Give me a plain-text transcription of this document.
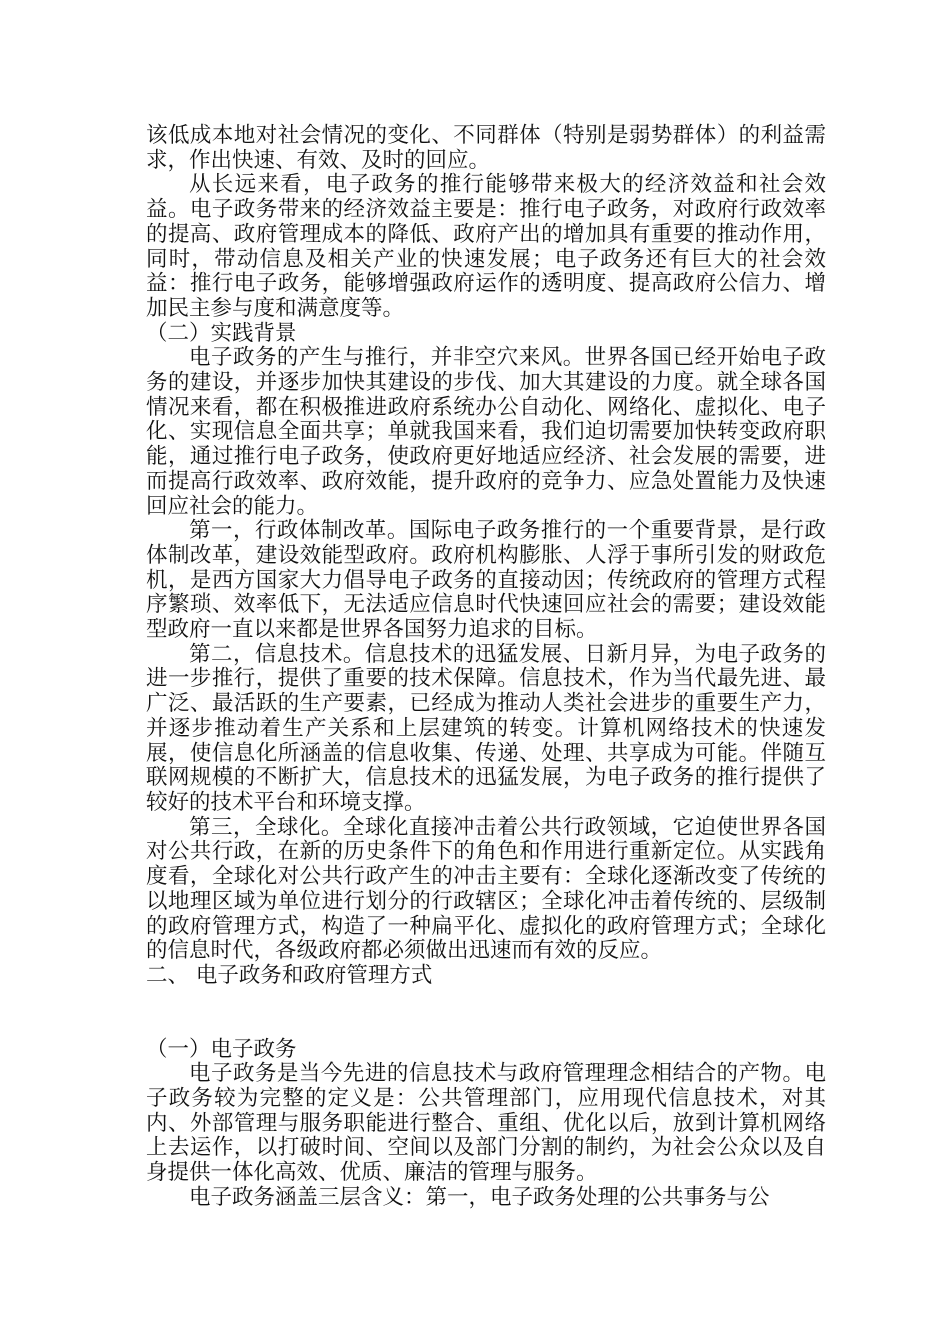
该低成本地对社会情况的变化、不同群体（特别是弱势群体）的利益需求，作出快速、有效、及时的回应。

从长远来看，电子政务的推行能够带来极大的经济效益和社会效益。电子政务带来的经济效益主要是：推行电子政务，对政府行政效率的提高、政府管理成本的降低、政府产出的增加具有重要的推动作用，同时，带动信息及相关产业的快速发展；电子政务还有巨大的社会效益：推行电子政务，能够增强政府运作的透明度、提高政府公信力、增加民主参与度和满意度等。

（二）实践背景

电子政务的产生与推行，并非空穴来风。世界各国已经开始电子政务的建设，并逐步加快其建设的步伐、加大其建设的力度。就全球各国情况来看，都在积极推进政府系统办公自动化、网络化、虚拟化、电子化、实现信息全面共享；单就我国来看，我们迫切需要加快转变政府职能，通过推行电子政务，使政府更好地适应经济、社会发展的需要，进而提高行政效率、政府效能，提升政府的竞争力、应急处置能力及快速回应社会的能力。

第一，行政体制改革。国际电子政务推行的一个重要背景，是行政体制改革，建设效能型政府。政府机构膨胀、人浮于事所引发的财政危机，是西方国家大力倡导电子政务的直接动因；传统政府的管理方式程序繁琐、效率低下，无法适应信息时代快速回应社会的需要；建设效能型政府一直以来都是世界各国努力追求的目标。

第二，信息技术。信息技术的迅猛发展、日新月异，为电子政务的进一步推行，提供了重要的技术保障。信息技术，作为当代最先进、最广泛、最活跃的生产要素，已经成为推动人类社会进步的重要生产力，并逐步推动着生产关系和上层建筑的转变。计算机网络技术的快速发展，使信息化所涵盖的信息收集、传递、处理、共享成为可能。伴随互联网规模的不断扩大，信息技术的迅猛发展，为电子政务的推行提供了较好的技术平台和环境支撑。

第三，全球化。全球化直接冲击着公共行政领域，它迫使世界各国对公共行政，在新的历史条件下的角色和作用进行重新定位。从实践角度看，全球化对公共行政产生的冲击主要有：全球化逐渐改变了传统的以地理区域为单位进行划分的行政辖区；全球化冲击着传统的、层级制的政府管理方式，构造了一种扁平化、虚拟化的政府管理方式；全球化的信息时代，各级政府都必须做出迅速而有效的反应。

二、 电子政务和政府管理方式

（一）电子政务

电子政务是当今先进的信息技术与政府管理理念相结合的产物。电子政务较为完整的定义是：公共管理部门，应用现代信息技术，对其内、外部管理与服务职能进行整合、重组、优化以后，放到计算机网络上去运作，以打破时间、空间以及部门分割的制约，为社会公众以及自身提供一体化高效、优质、廉洁的管理与服务。

电子政务涵盖三层含义：第一，电子政务处理的公共事务与公
